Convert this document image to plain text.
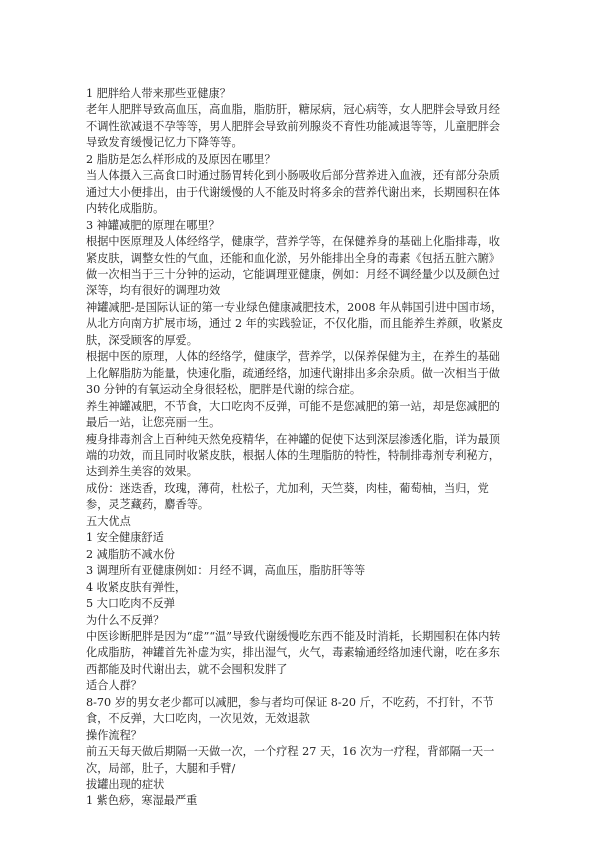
1 肥胖给人带来那些亚健康？

老年人肥胖导致高血压，高血脂，脂肪肝，糖尿病，冠心病等，女人肥胖会导致月经不调性欲减退不孕等等，男人肥胖会导致前列腺炎不育性功能减退等等，儿童肥胖会导致发育缓慢记忆力下降等等。

2 脂肪是怎么样形成的及原因在哪里？

当人体摄入三高食口时通过肠胃转化到小肠吸收后部分营养进入血液，还有部分杂质通过大小便排出，由于代谢缓慢的人不能及时将多余的营养代谢出来，长期囤积在体内转化成脂肪。

3 神罐减肥的原理在哪里？

根据中医原理及人体经络学，健康学，营养学等，在保健养身的基础上化脂排毒，收紧皮肤，调整女性的气血，还能和血化淤，另外能排出全身的毒素《包括五脏六腑》做一次相当于三十分钟的运动，它能调理亚健康，例如：月经不调经量少以及颜色过深等，均有很好的调理功效

神罐减肥-是国际认证的第一专业绿色健康减肥技术，2008 年从韩国引进中国市场，从北方向南方扩展市场，通过 2 年的实践验证，不仅化脂，而且能养生养颜，收紧皮肤，深受顾客的厚爱。

根据中医的原理，人体的经络学，健康学，营养学，以保养保健为主，在养生的基础上化解脂肪为能量，快速化脂，疏通经络，加速代谢排出多余杂质。做一次相当于做 30 分钟的有氧运动全身很轻松，肥胖是代谢的综合症。

养生神罐减肥，不节食，大口吃肉不反弹，可能不是您减肥的第一站，却是您减肥的最后一站，让您亮丽一生。

瘦身排毒剂含上百种纯天然免疫精华，在神罐的促使下达到深层渗透化脂，详为最顶端的功效，而且同时收紧皮肤，根据人体的生理脂肪的特性，特制排毒剂专利秘方，达到养生美容的效果。

成份：迷迭香，玫瑰，薄荷，杜松子，尤加利，天竺葵，肉桂，葡萄柚，当归，党参，灵芝藏药，麝香等。

五大优点

1 安全健康舒适

2 减脂肪不减水份

3 调理所有亚健康例如：月经不调，高血压，脂肪肝等等

4 收紧皮肤有弹性，

5 大口吃肉不反弹

为什么不反弹？

中医诊断肥胖是因为“虚”“温”导致代谢缓慢吃东西不能及时消耗，长期囤积在体内转化成脂肪，神罐首先补虚为实，排出湿气，火气，毒素输通经络加速代谢，吃在多东西都能及时代谢出去，就不会囤积发胖了

适合人群？

8-70 岁的男女老少都可以减肥，参与者均可保证 8-20 斤，不吃药，不打针，不节食，不反弹，大口吃肉，一次见效，无效退款

操作流程？

前五天每天做后期隔一天做一次，一个疗程 27 天，16 次为一疗程，背部隔一天一次，局部，肚子，大腿和手臂/

拔罐出现的症状

1 紫色痧，寒湿最严重
